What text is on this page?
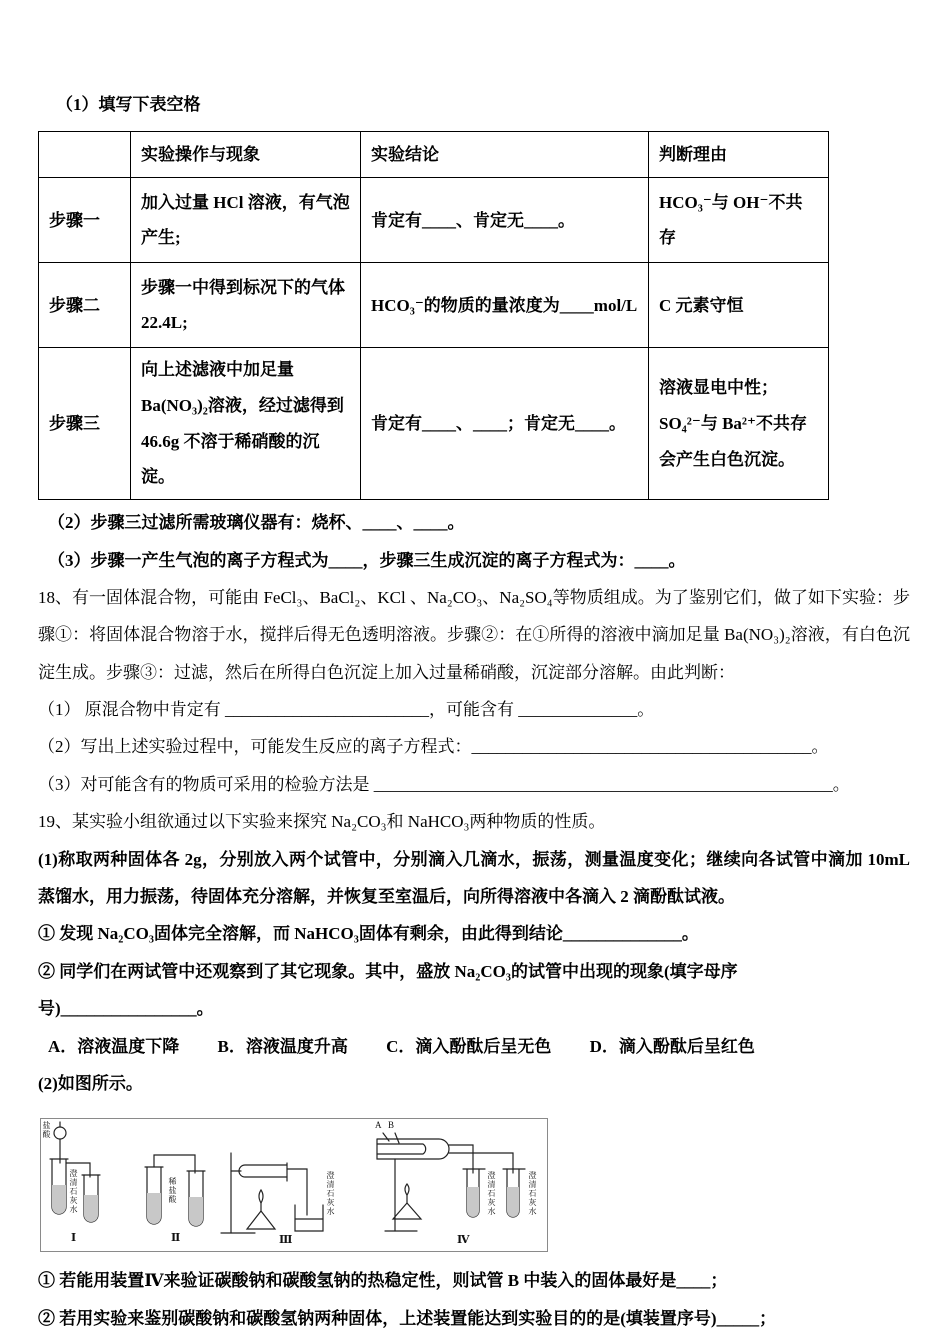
（1）填写下表空格

	实验操作与现象	实验结论	判断理由
步骤一	加入过量 HCl 溶液，有气泡产生;	肯定有____、肯定无____。	HCO₃⁻与 OH⁻不共存
步骤二	步骤一中得到标况下的气体 22.4L;	HCO₃⁻的物质的量浓度为____mol/L	C 元素守恒
步骤三	向上述滤液中加足量 Ba(NO₃)₂溶液，经过滤得到 46.6g 不溶于稀硝酸的沉淀。	肯定有____、____；肯定无____。	溶液显电中性；SO₄²⁻与 Ba²⁺不共存会产生白色沉淀。

（2）步骤三过滤所需玻璃仪器有：烧杯、____、____。

（3）步骤一产生气泡的离子方程式为____，步骤三生成沉淀的离子方程式为：____。

18、有一固体混合物，可能由 FeCl₃、BaCl₂、KCl 、Na₂CO₃、Na₂SO₄等物质组成。为了鉴别它们，做了如下实验：步骤①：将固体混合物溶于水，搅拌后得无色透明溶液。步骤②：在①所得的溶液中滴加足量 Ba(NO₃)₂溶液，有白色沉淀生成。步骤③：过滤，然后在所得白色沉淀上加入过量稀硝酸，沉淀部分溶解。由此判断：

（1） 原混合物中肯定有 ________________________，可能含有 ______________。

（2）写出上述实验过程中，可能发生反应的离子方程式：________________________________________。

（3）对可能含有的物质可采用的检验方法是 ______________________________________________________。

19、某实验小组欲通过以下实验来探究 Na₂CO₃和 NaHCO₃两种物质的性质。

(1)称取两种固体各 2g，分别放入两个试管中，分别滴入几滴水，振荡，测量温度变化；继续向各试管中滴加 10mL 蒸馏水，用力振荡，待固体充分溶解，并恢复至室温后，向所得溶液中各滴入 2 滴酚酞试液。

① 发现 Na₂CO₃固体完全溶解，而 NaHCO₃固体有剩余，由此得到结论______________。

② 同学们在两试管中还观察到了其它现象。其中，盛放 Na₂CO₃的试管中出现的现象(填字母序号)________________。

A．溶液温度下降 B．溶液温度升高 C．滴入酚酞后呈无色 D．滴入酚酞后呈红色

(2)如图所示。

盐酸
澄清石灰水	稀盐酸	澄清石灰水
A B
澄清石灰水	澄清石灰水
Ⅰ	Ⅱ	Ⅲ	Ⅳ

① 若能用装置Ⅳ来验证碳酸钠和碳酸氢钠的热稳定性，则试管 B 中装入的固体最好是____；

② 若用实验来鉴别碳酸钠和碳酸氢钠两种固体，上述装置能达到实验目的的是(填装置序号)_____；
